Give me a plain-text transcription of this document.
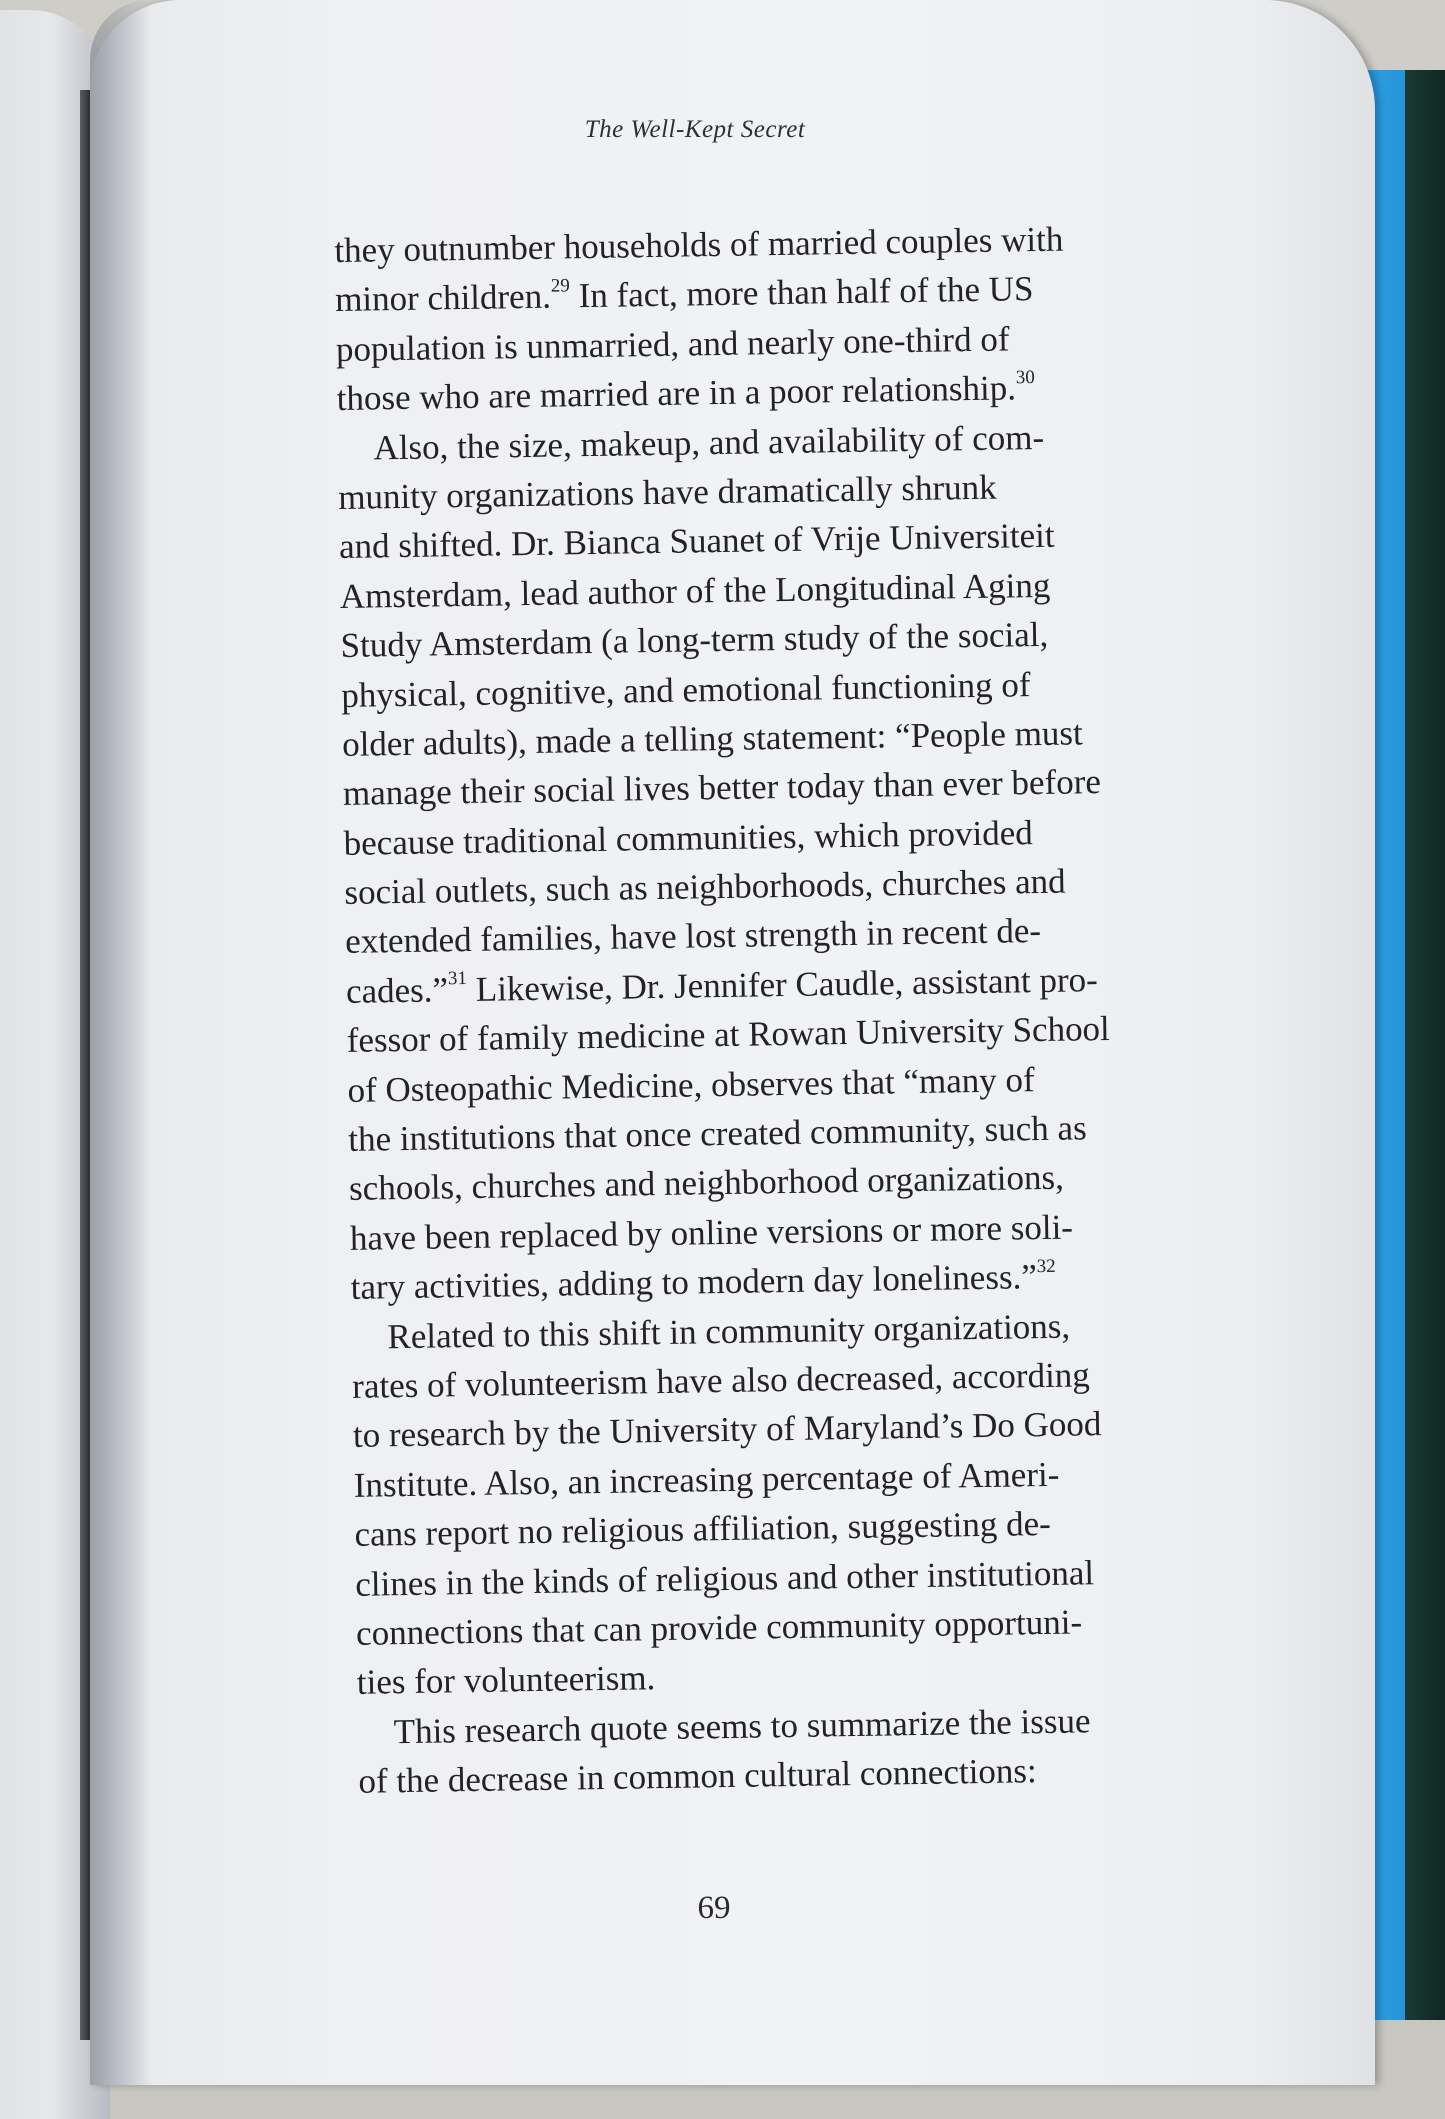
The Well-Kept Secret
they outnumber households of married couples with
minor children.$^{29}$ In fact, more than half of the US
population is unmarried, and nearly one-third of
those who are married are in a poor relationship.$^{30}$
Also, the size, makeup, and availability of com-
munity organizations have dramatically shrunk
and shifted. Dr. Bianca Suanet of Vrije Universiteit
Amsterdam, lead author of the Longitudinal Aging
Study Amsterdam (a long-term study of the social,
physical, cognitive, and emotional functioning of
older adults), made a telling statement: “People must
manage their social lives better today than ever before
because traditional communities, which provided
social outlets, such as neighborhoods, churches and
extended families, have lost strength in recent de-
cades.”$^{31}$ Likewise, Dr. Jennifer Caudle, assistant pro-
fessor of family medicine at Rowan University School
of Osteopathic Medicine, observes that “many of
the institutions that once created community, such as
schools, churches and neighborhood organizations,
have been replaced by online versions or more soli-
tary activities, adding to modern day loneliness.”$^{32}$
Related to this shift in community organizations,
rates of volunteerism have also decreased, according
to research by the University of Maryland’s Do Good
Institute. Also, an increasing percentage of Ameri-
cans report no religious affiliation, suggesting de-
clines in the kinds of religious and other institutional
connections that can provide community opportuni-
ties for volunteerism.
This research quote seems to summarize the issue
of the decrease in common cultural connections:
69
